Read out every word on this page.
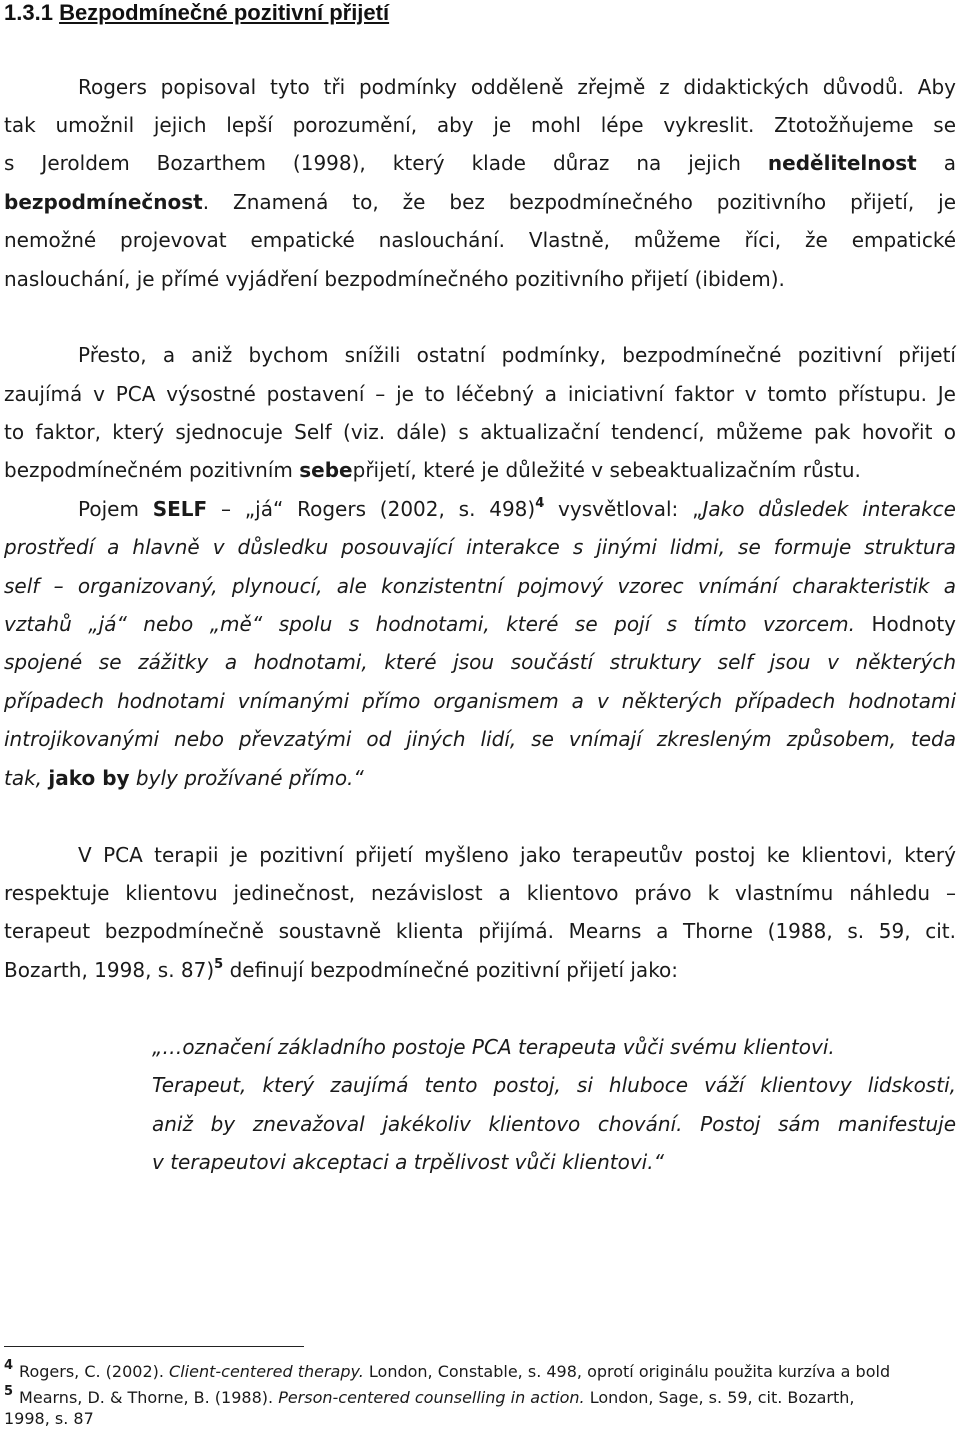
1.3.1 Bezpodmínečné pozitivní přijetí
Rogers popisoval tyto tři podmínky odděleně zřejmě z didaktických důvodů. Aby
tak umožnil jejich lepší porozumění, aby je mohl lépe vykreslit. Ztotožňujeme se
s Jeroldem Bozarthem (1998), který klade důraz na jejich nedělitelnost a
bezpodmínečnost. Znamená to, že bez bezpodmínečného pozitivního přijetí, je
nemožné projevovat empatické naslouchání. Vlastně, můžeme říci, že empatické
naslouchání, je přímé vyjádření bezpodmínečného pozitivního přijetí (ibidem).
Přesto, a aniž bychom snížili ostatní podmínky, bezpodmínečné pozitivní přijetí
zaujímá v PCA výsostné postavení – je to léčebný a iniciativní faktor v tomto přístupu. Je
to faktor, který sjednocuje Self (viz. dále) s aktualizační tendencí, můžeme pak hovořit o
bezpodmínečném pozitivním sebepřijetí, které je důležité v sebeaktualizačním růstu.
Pojem SELF – „já“ Rogers (2002, s. 498)$^4$ vysvětloval: „Jako důsledek interakce
prostředí a hlavně v důsledku posouvající interakce s jinými lidmi, se formuje struktura
self – organizovaný, plynoucí, ale konzistentní pojmový vzorec vnímání charakteristik a
vztahů „já“ nebo „mě“ spolu s hodnotami, které se pojí s tímto vzorcem. Hodnoty
spojené se zážitky a hodnotami, které jsou součástí struktury self jsou v některých
případech hodnotami vnímanými přímo organismem a v některých případech hodnotami
introjikovanými nebo převzatými od jiných lidí, se vnímají zkresleným způsobem, teda
tak, jako by byly prožívané přímo.“
V PCA terapii je pozitivní přijetí myšleno jako terapeutův postoj ke klientovi, který
respektuje klientovu jedinečnost, nezávislost a klientovo právo k vlastnímu náhledu –
terapeut bezpodmínečně soustavně klienta přijímá. Mearns a Thorne (1988, s. 59, cit.
Bozarth, 1998, s. 87)$^5$ definují bezpodmínečné pozitivní přijetí jako:
„…označení základního postoje PCA terapeuta vůči svému klientovi.
Terapeut, který zaujímá tento postoj, si hluboce váží klientovy lidskosti,
aniž by znevažoval jakékoliv klientovo chování. Postoj sám manifestuje
v terapeutovi akceptaci a trpělivost vůči klientovi.“
$^4$ Rogers, C. (2002). Client-centered therapy. London, Constable, s. 498, oprotí originálu použita kurzíva a bold
$^5$ Mearns, D. & Thorne, B. (1988). Person-centered counselling in action. London, Sage, s. 59, cit. Bozarth,
1998, s. 87
